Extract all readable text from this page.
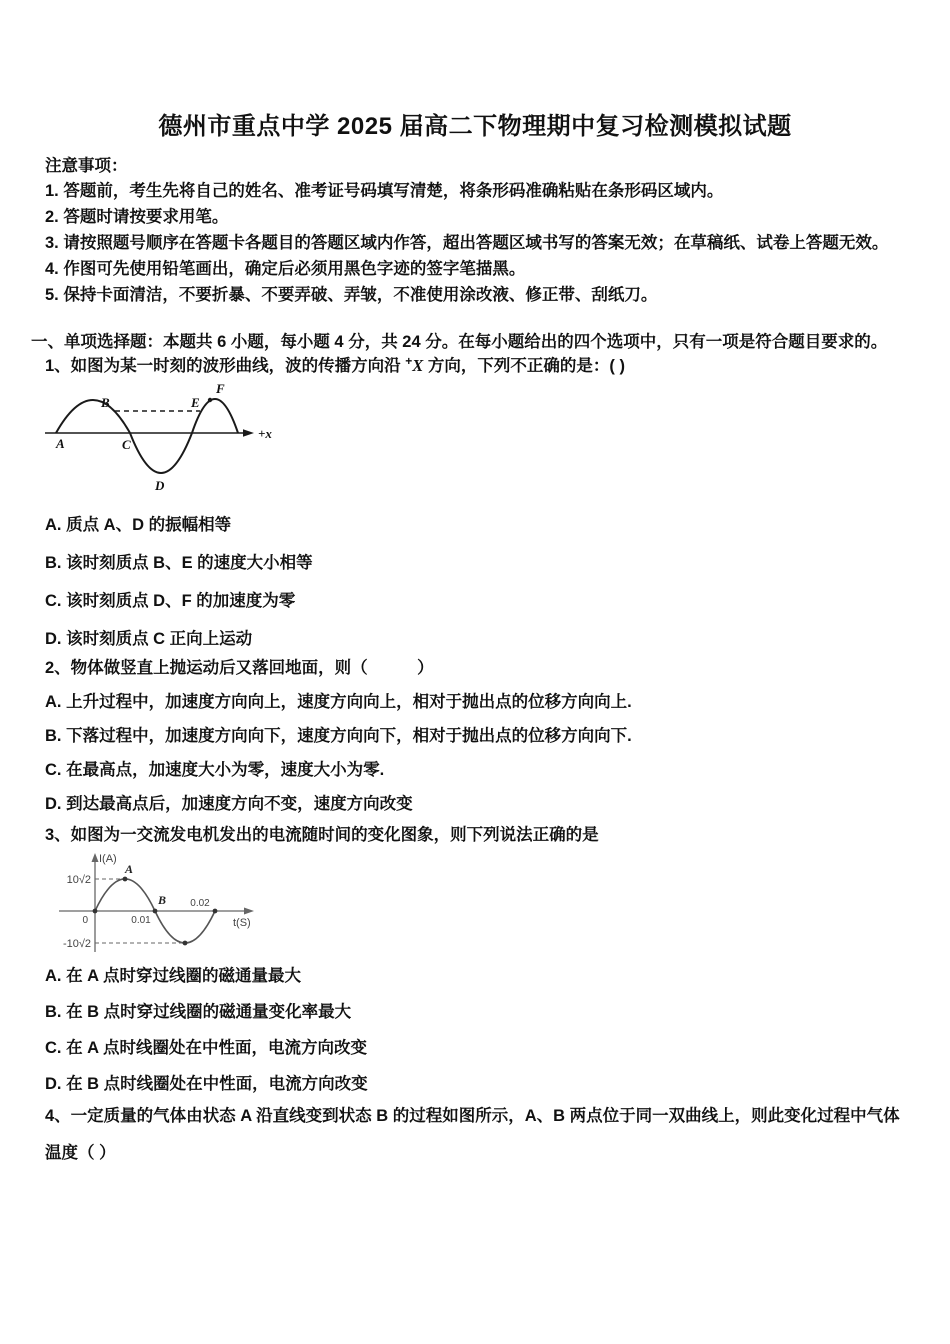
德州市重点中学 2025 届高二下物理期中复习检测模拟试题
注意事项：
1. 答题前，考生先将自己的姓名、准考证号码填写清楚，将条形码准确粘贴在条形码区域内。
2. 答题时请按要求用笔。
3. 请按照题号顺序在答题卡各题目的答题区域内作答，超出答题区域书写的答案无效；在草稿纸、试卷上答题无效。
4. 作图可先使用铅笔画出，确定后必须用黑色字迹的签字笔描黑。
5. 保持卡面清洁，不要折暴、不要弄破、弄皱，不准使用涂改液、修正带、刮纸刀。
一、单项选择题：本题共 6 小题，每小题 4 分，共 24 分。在每小题给出的四个选项中，只有一项是符合题目要求的。
1、如图为某一时刻的波形曲线，波的传播方向沿 +X 方向，下列不正确的是：( )
A
B
C
D
E
F
+x
A. 质点 A、D 的振幅相等
B. 该时刻质点 B、E 的速度大小相等
C. 该时刻质点 D、F 的加速度为零
D. 该时刻质点 C 正向上运动
2、物体做竖直上抛运动后又落回地面，则（　　　）
A. 上升过程中，加速度方向向上，速度方向向上，相对于抛出点的位移方向向上.
B. 下落过程中，加速度方向向下，速度方向向下，相对于抛出点的位移方向向下.
C. 在最高点，加速度大小为零，速度大小为零.
D. 到达最高点后，加速度方向不变，速度方向改变
3、如图为一交流发电机发出的电流随时间的变化图象，则下列说法正确的是
I(A)
t(S)
10√2
-10√2
0	0.01
0.02
A
B
A. 在 A 点时穿过线圈的磁通量最大
B. 在 B 点时穿过线圈的磁通量变化率最大
C. 在 A 点时线圈处在中性面，电流方向改变
D. 在 B 点时线圈处在中性面，电流方向改变
4、一定质量的气体由状态 A 沿直线变到状态 B 的过程如图所示，A、B 两点位于同一双曲线上，则此变化过程中气体
温度（ ）
